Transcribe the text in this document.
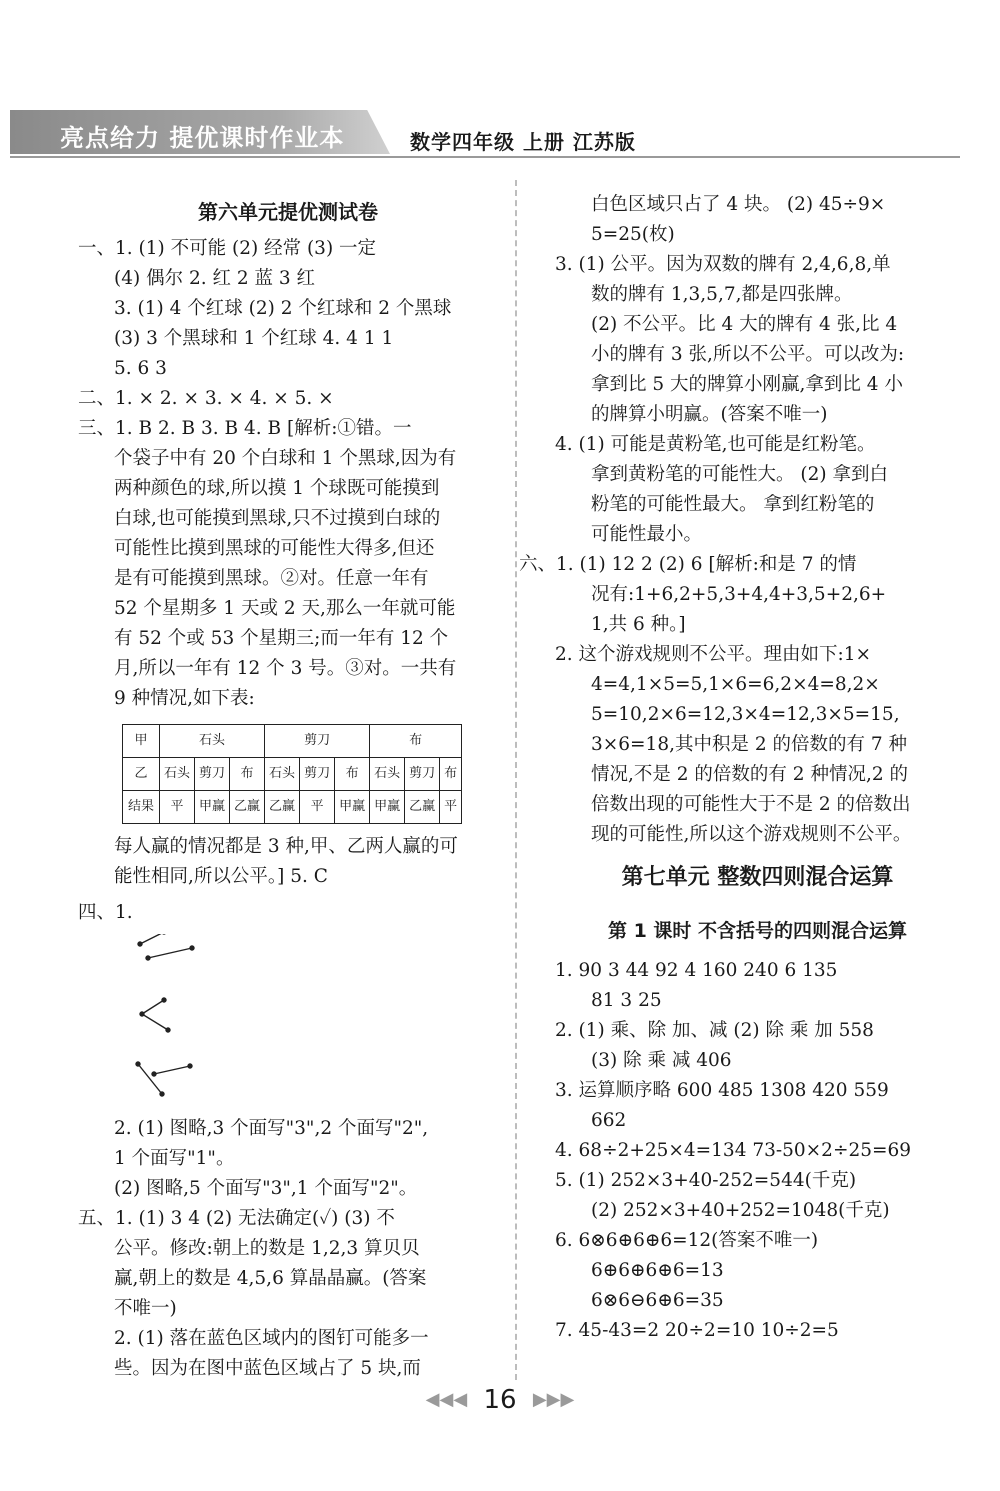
亮点给力 提优课时作业本	数学四年级 上册 江苏版
第六单元提优测试卷
一、1. (1) 不可能 (2) 经常 (3) 一定
(4) 偶尔 2. 红 2 蓝 3 红
3. (1) 4 个红球 (2) 2 个红球和 2 个黑球
(3) 3 个黑球和 1 个红球 4. 4 1 1
5. 6 3
二、1. × 2. × 3. × 4. × 5. ×
三、1. B 2. B 3. B 4. B [解析:①错。一
个袋子中有 20 个白球和 1 个黑球,因为有
两种颜色的球,所以摸 1 个球既可能摸到
白球,也可能摸到黑球,只不过摸到白球的
可能性比摸到黑球的可能性大得多,但还
是有可能摸到黑球。②对。任意一年有
52 个星期多 1 天或 2 天,那么一年就可能
有 52 个或 53 个星期三;而一年有 12 个
月,所以一年有 12 个 3 号。③对。一共有
9 种情况,如下表:
甲	石头			剪刀			布		
乙	石头	剪刀	布	石头	剪刀	布	石头	剪刀	布
结果	平	甲赢	乙赢	乙赢	平	甲赢	甲赢	乙赢	平
每人赢的情况都是 3 种,甲、乙两人赢的可
能性相同,所以公平。] 5. C
四、1.
2. (1) 图略,3 个面写"3",2 个面写"2",
1 个面写"1"。
(2) 图略,5 个面写"3",1 个面写"2"。
五、1. (1) 3 4 (2) 无法确定(✓) (3) 不
公平。修改:朝上的数是 1,2,3 算贝贝
赢,朝上的数是 4,5,6 算晶晶赢。(答案
不唯一)
2. (1) 落在蓝色区域内的图钉可能多一
些。因为在图中蓝色区域占了 5 块,而
白色区域只占了 4 块。 (2) 45÷9×
5=25(枚)
3. (1) 公平。因为双数的牌有 2,4,6,8,单
数的牌有 1,3,5,7,都是四张牌。
(2) 不公平。比 4 大的牌有 4 张,比 4
小的牌有 3 张,所以不公平。可以改为:
拿到比 5 大的牌算小刚赢,拿到比 4 小
的牌算小明赢。(答案不唯一)
4. (1) 可能是黄粉笔,也可能是红粉笔。
拿到黄粉笔的可能性大。 (2) 拿到白
粉笔的可能性最大。 拿到红粉笔的
可能性最小。
六、1. (1) 12 2 (2) 6 [解析:和是 7 的情
况有:1+6,2+5,3+4,4+3,5+2,6+
1,共 6 种。]
2. 这个游戏规则不公平。理由如下:1×
4=4,1×5=5,1×6=6,2×4=8,2×
5=10,2×6=12,3×4=12,3×5=15,
3×6=18,其中积是 2 的倍数的有 7 种
情况,不是 2 的倍数的有 2 种情况,2 的
倍数出现的可能性大于不是 2 的倍数出
现的可能性,所以这个游戏规则不公平。
第七单元 整数四则混合运算
第 1 课时 不含括号的四则混合运算
1. 90 3 44 92 4 160 240 6 135
81 3 25
2. (1) 乘、除 加、减 (2) 除 乘 加 558
(3) 除 乘 减 406
3. 运算顺序略 600 485 1308 420 559
662
4. 68÷2+25×4=134 73-50×2÷25=69
5. (1) 252×3+40-252=544(千克)
(2) 252×3+40+252=1048(千克)
6. 6⊗6⊕6⊕6=12(答案不唯一)
6⊕6⊕6⊕6=13
6⊗6⊖6⊕6=35
7. 45-43=2 20÷2=10 10÷2=5
◀◀◀ 16 ▶▶▶
